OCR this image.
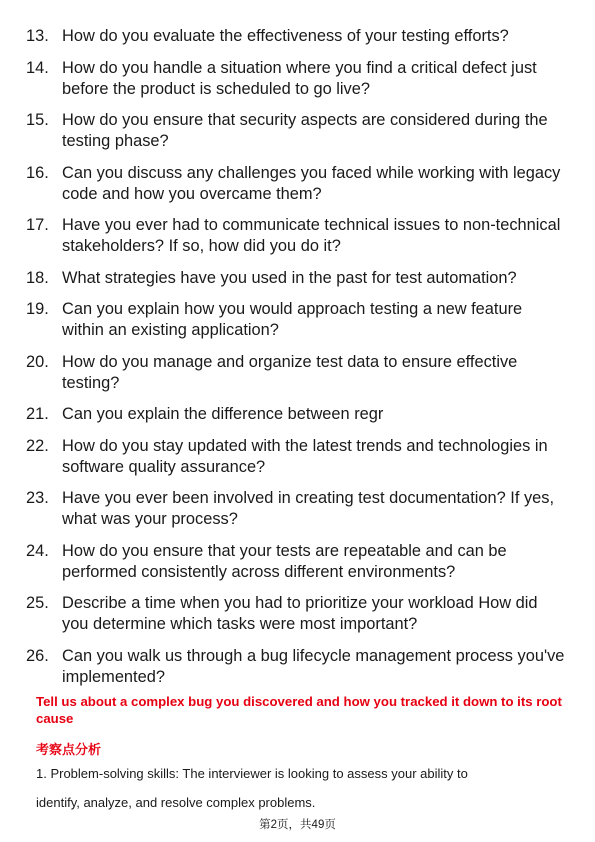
13. How do you evaluate the effectiveness of your testing efforts?
14. How do you handle a situation where you find a critical defect just before the product is scheduled to go live?
15. How do you ensure that security aspects are considered during the testing phase?
16. Can you discuss any challenges you faced while working with legacy code and how you overcame them?
17. Have you ever had to communicate technical issues to non-technical stakeholders? If so, how did you do it?
18. What strategies have you used in the past for test automation?
19. Can you explain how you would approach testing a new feature within an existing application?
20. How do you manage and organize test data to ensure effective testing?
21. Can you explain the difference between regr
22. How do you stay updated with the latest trends and technologies in software quality assurance?
23. Have you ever been involved in creating test documentation? If yes, what was your process?
24. How do you ensure that your tests are repeatable and can be performed consistently across different environments?
25. Describe a time when you had to prioritize your workload How did you determine which tasks were most important?
26. Can you walk us through a bug lifecycle management process you've implemented?
Tell us about a complex bug you discovered and how you tracked it down to its root cause
考察点分析
1. Problem-solving skills: The interviewer is looking to assess your ability to
identify, analyze, and resolve complex problems.
第2页，共49页
